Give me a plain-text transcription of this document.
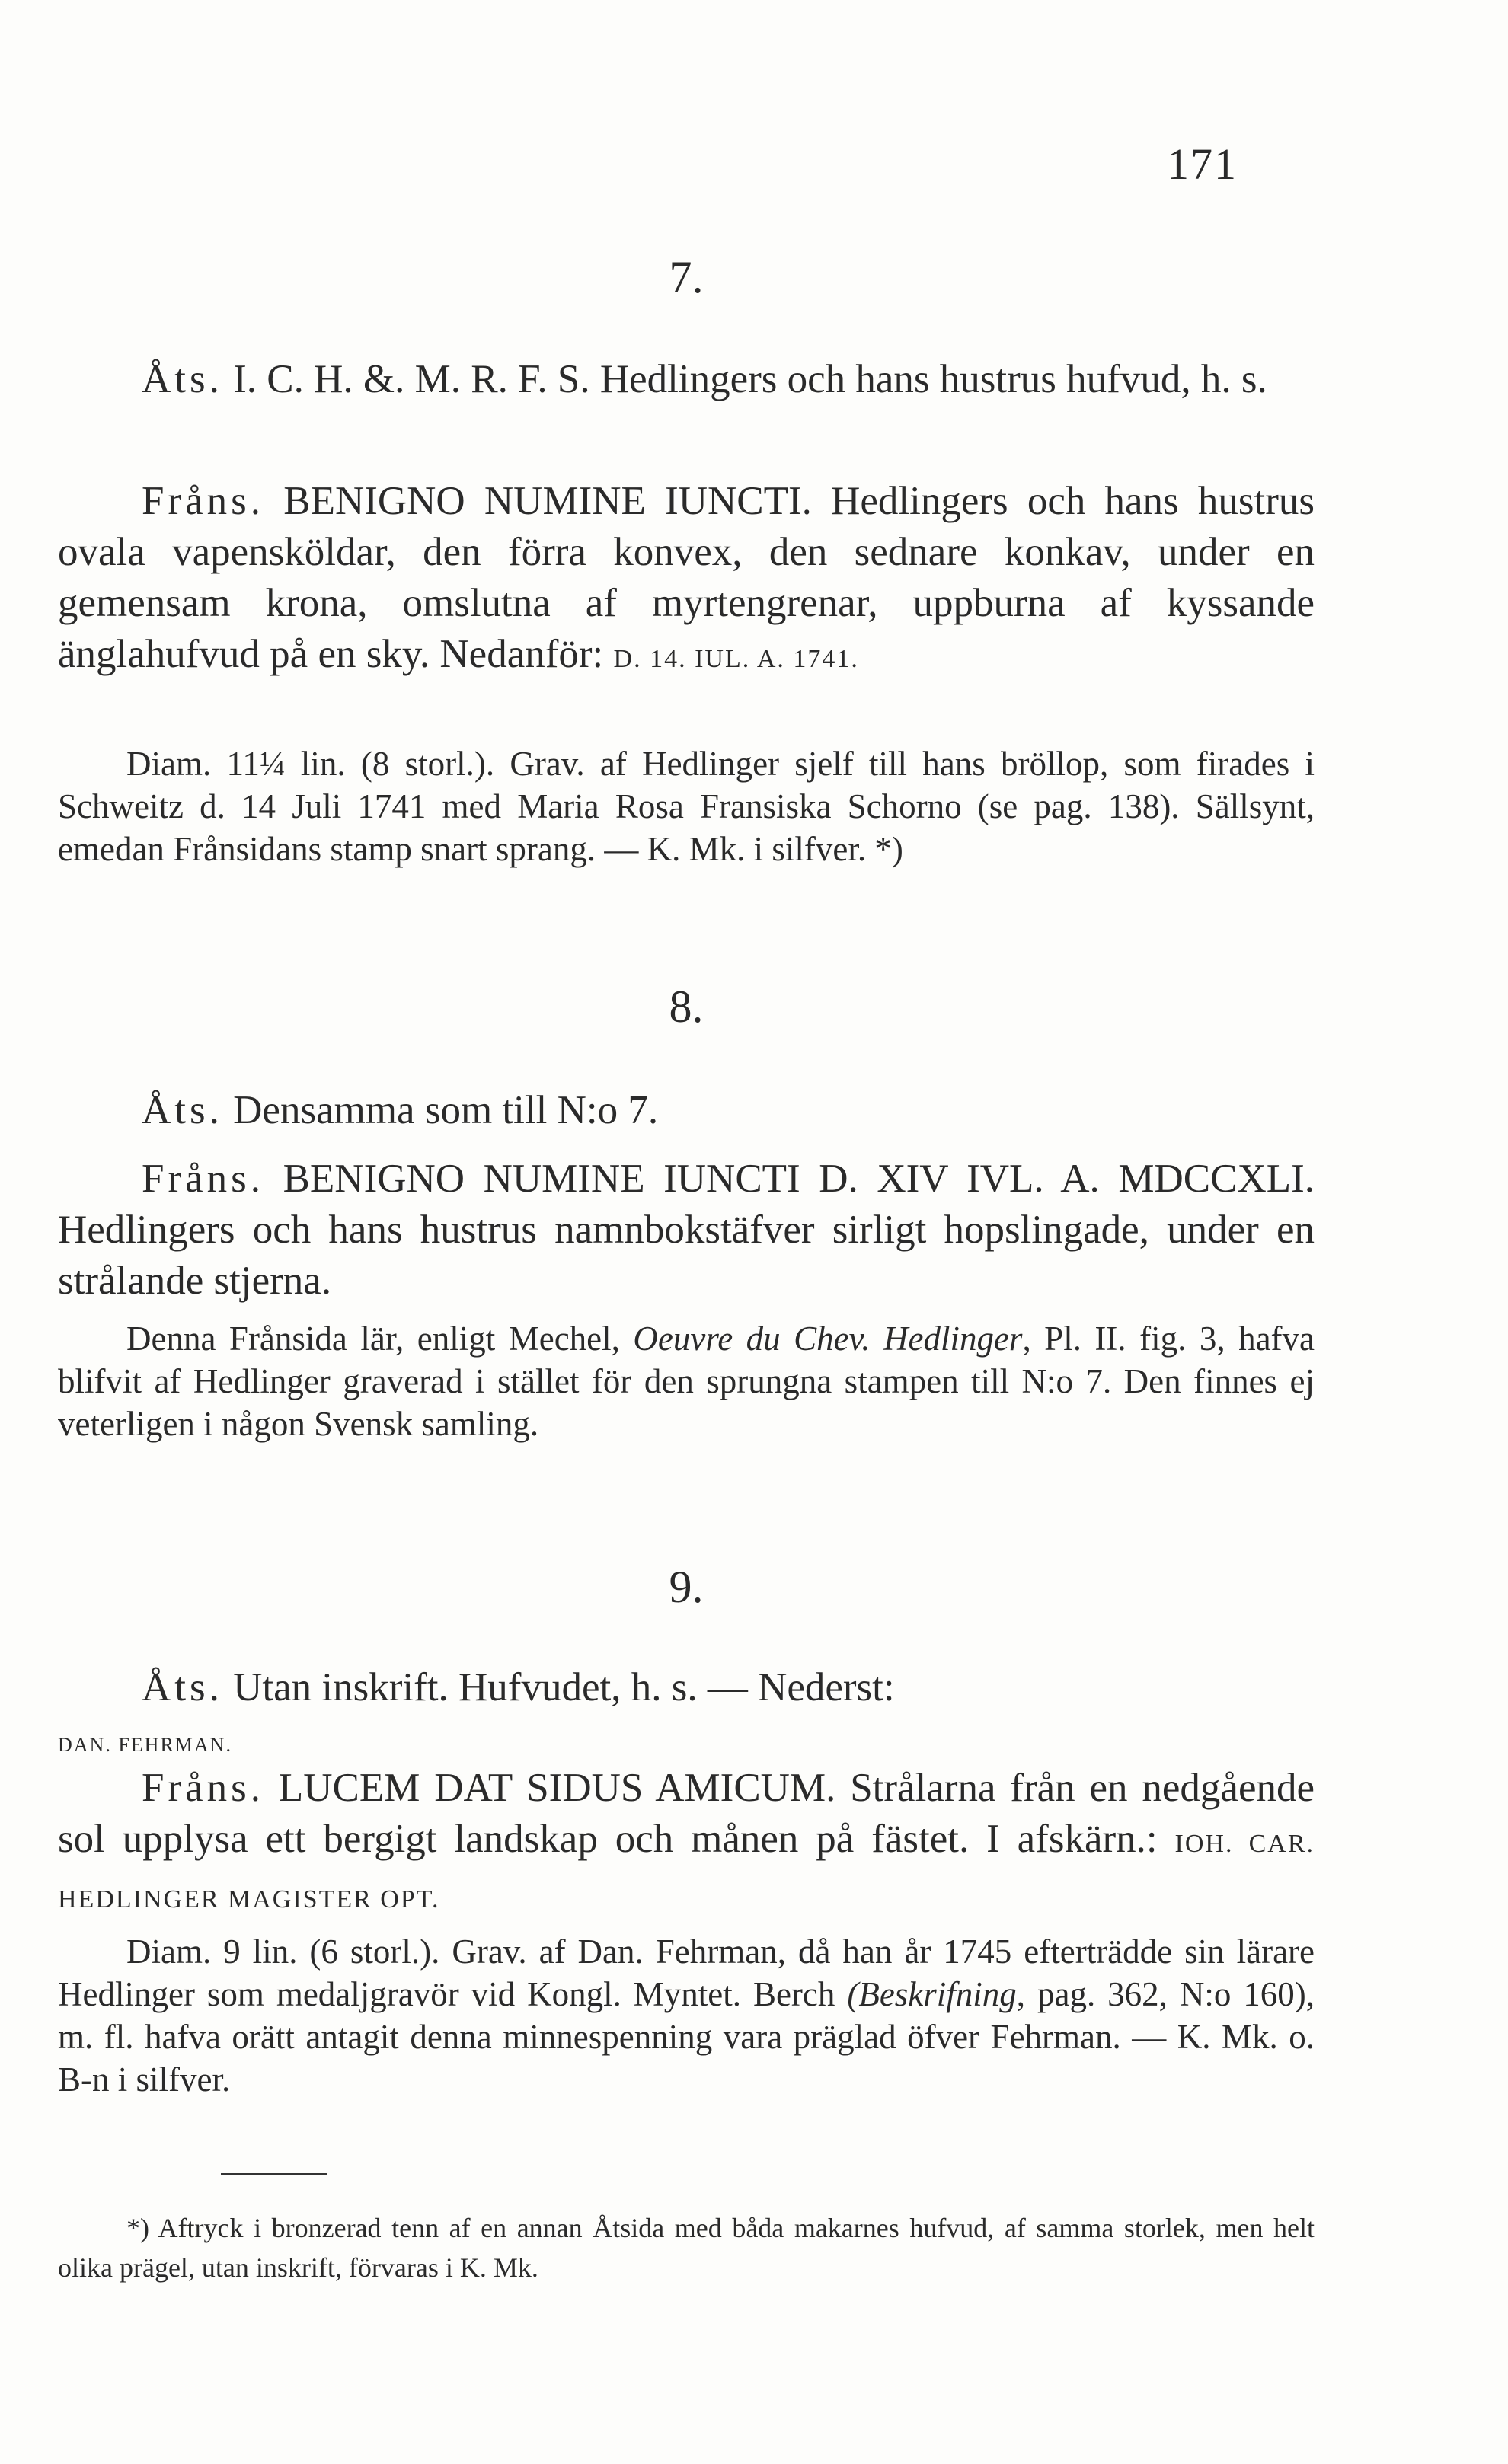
171
7.
Åts. I. C. H. &. M. R. F. S. Hedlingers och hans hustrus hufvud, h. s.
Fråns. BENIGNO NUMINE IUNCTI. Hedlingers och hans hustrus ovala vapensköldar, den förra konvex, den sednare konkav, under en gemensam krona, omslutna af myrtengrenar, uppburna af kyssande änglahufvud på en sky. Nedanför: D. 14. IUL. A. 1741.
Diam. 11¼ lin. (8 storl.). Grav. af Hedlinger sjelf till hans bröllop, som firades i Schweitz d. 14 Juli 1741 med Maria Rosa Fransiska Schorno (se pag. 138). Sällsynt, emedan Frånsidans stamp snart sprang. — K. Mk. i silfver. *)
8.
Åts. Densamma som till N:o 7.
Fråns. BENIGNO NUMINE IUNCTI D. XIV IVL. A. MDCCXLI. Hedlingers och hans hustrus namnbokstäfver sirligt hopslingade, under en strålande stjerna.
Denna Frånsida lär, enligt Mechel, Oeuvre du Chev. Hedlinger, Pl. II. fig. 3, hafva blifvit af Hedlinger graverad i stället för den sprungna stampen till N:o 7. Den finnes ej veterligen i någon Svensk samling.
9.
Åts. Utan inskrift. Hufvudet, h. s. — Nederst:
DAN. FEHRMAN.
Fråns. LUCEM DAT SIDUS AMICUM. Strålarna från en nedgående sol upplysa ett bergigt landskap och månen på fästet. I afskärn.: IOH. CAR. HEDLINGER MAGISTER OPT.
Diam. 9 lin. (6 storl.). Grav. af Dan. Fehrman, då han år 1745 efterträdde sin lärare Hedlinger som medaljgravör vid Kongl. Myntet. Berch (Beskrifning, pag. 362, N:o 160), m. fl. hafva orätt antagit denna minnespenning vara präglad öfver Fehrman. — K. Mk. o. B-n i silfver.
*) Aftryck i bronzerad tenn af en annan Åtsida med båda makarnes hufvud, af samma storlek, men helt olika prägel, utan inskrift, förvaras i K. Mk.
